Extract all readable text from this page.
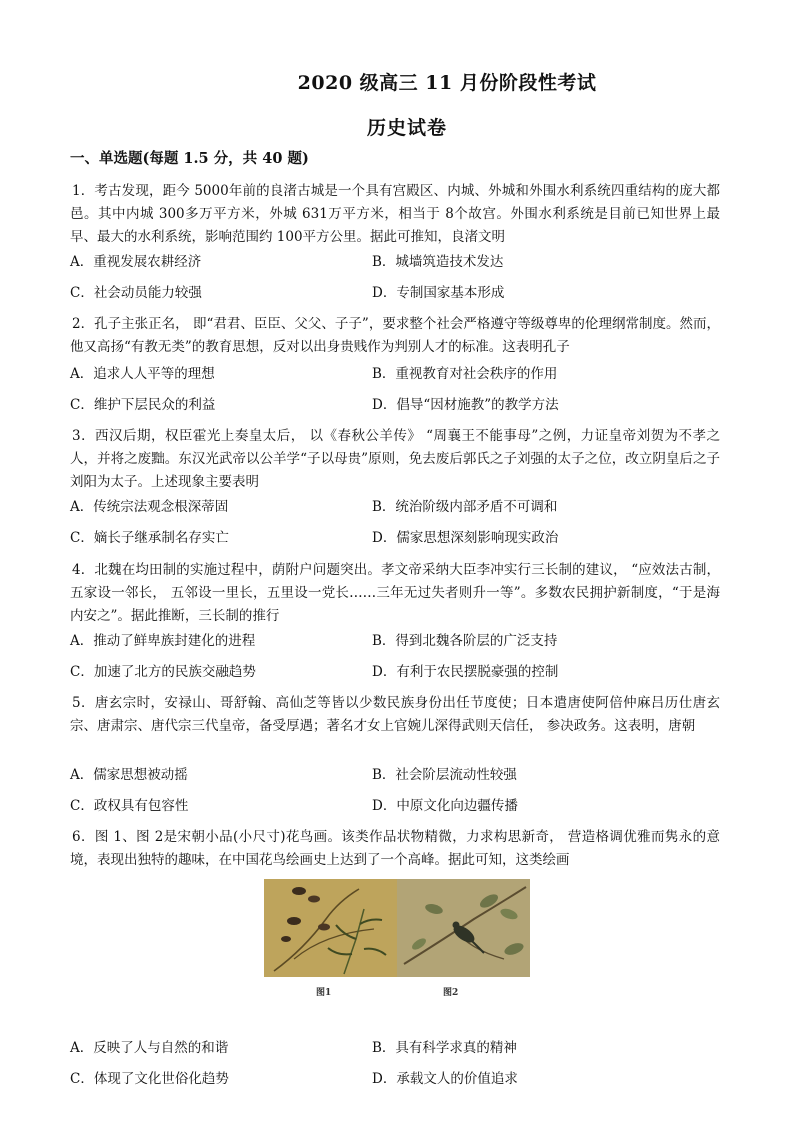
2020 级高三 11 月份阶段性考试
历史试卷
一、单选题(每题 1.5 分，共 40 题)
1．考古发现，距今 5000年前的良渚古城是一个具有宫殿区、内城、外城和外围水利系统四重结构的庞大都邑。其中内城 300多万平方米，外城 631万平方米，相当于 8个故宫。外围水利系统是目前已知世界上最早、最大的水利系统，影响范围约 100平方公里。据此可推知，良渚文明
A．重视发展农耕经济	B．城墙筑造技术发达
C．社会动员能力较强	D．专制国家基本形成
2．孔子主张正名， 即“君君、臣臣、父父、子子”，要求整个社会严格遵守等级尊卑的伦理纲常制度。然而，他又高扬“有教无类”的教育思想，反对以出身贵贱作为判别人才的标准。这表明孔子
A．追求人人平等的理想	B．重视教育对社会秩序的作用
C．维护下层民众的利益	D．倡导“因材施教”的教学方法
3．西汉后期，权臣霍光上奏皇太后， 以《春秋公羊传》 “周襄王不能事母”之例，力证皇帝刘贺为不孝之人，并将之废黜。东汉光武帝以公羊学“子以母贵”原则，免去废后郭氏之子刘强的太子之位，改立阴皇后之子刘阳为太子。上述现象主要表明
A．传统宗法观念根深蒂固	B．统治阶级内部矛盾不可调和
C．嫡长子继承制名存实亡	D．儒家思想深刻影响现实政治
4．北魏在均田制的实施过程中，荫附户问题突出。孝文帝采纳大臣李冲实行三长制的建议， “应效法古制，五家设一邻长， 五邻设一里长，五里设一党长……三年无过失者则升一等”。多数农民拥护新制度，“于是海内安之”。据此推断，三长制的推行
A．推动了鲜卑族封建化的进程	B．得到北魏各阶层的广泛支持
C．加速了北方的民族交融趋势	D．有利于农民摆脱豪强的控制
5．唐玄宗时，安禄山、哥舒翰、高仙芝等皆以少数民族身份出任节度使；日本遣唐使阿倍仲麻吕历仕唐玄宗、唐肃宗、唐代宗三代皇帝，备受厚遇；著名才女上官婉儿深得武则天信任， 参决政务。这表明，唐朝
A．儒家思想被动摇	B．社会阶层流动性较强
C．政权具有包容性	D．中原文化向边疆传播
6．图 1、图 2是宋朝小品(小尺寸)花鸟画。该类作品状物精微，力求构思新奇， 营造格调优雅而隽永的意境，表现出独特的趣味，在中国花鸟绘画史上达到了一个高峰。据此可知，这类绘画
图1	图2
A．反映了人与自然的和谐	B．具有科学求真的精神
C．体现了文化世俗化趋势	D．承载文人的价值追求
